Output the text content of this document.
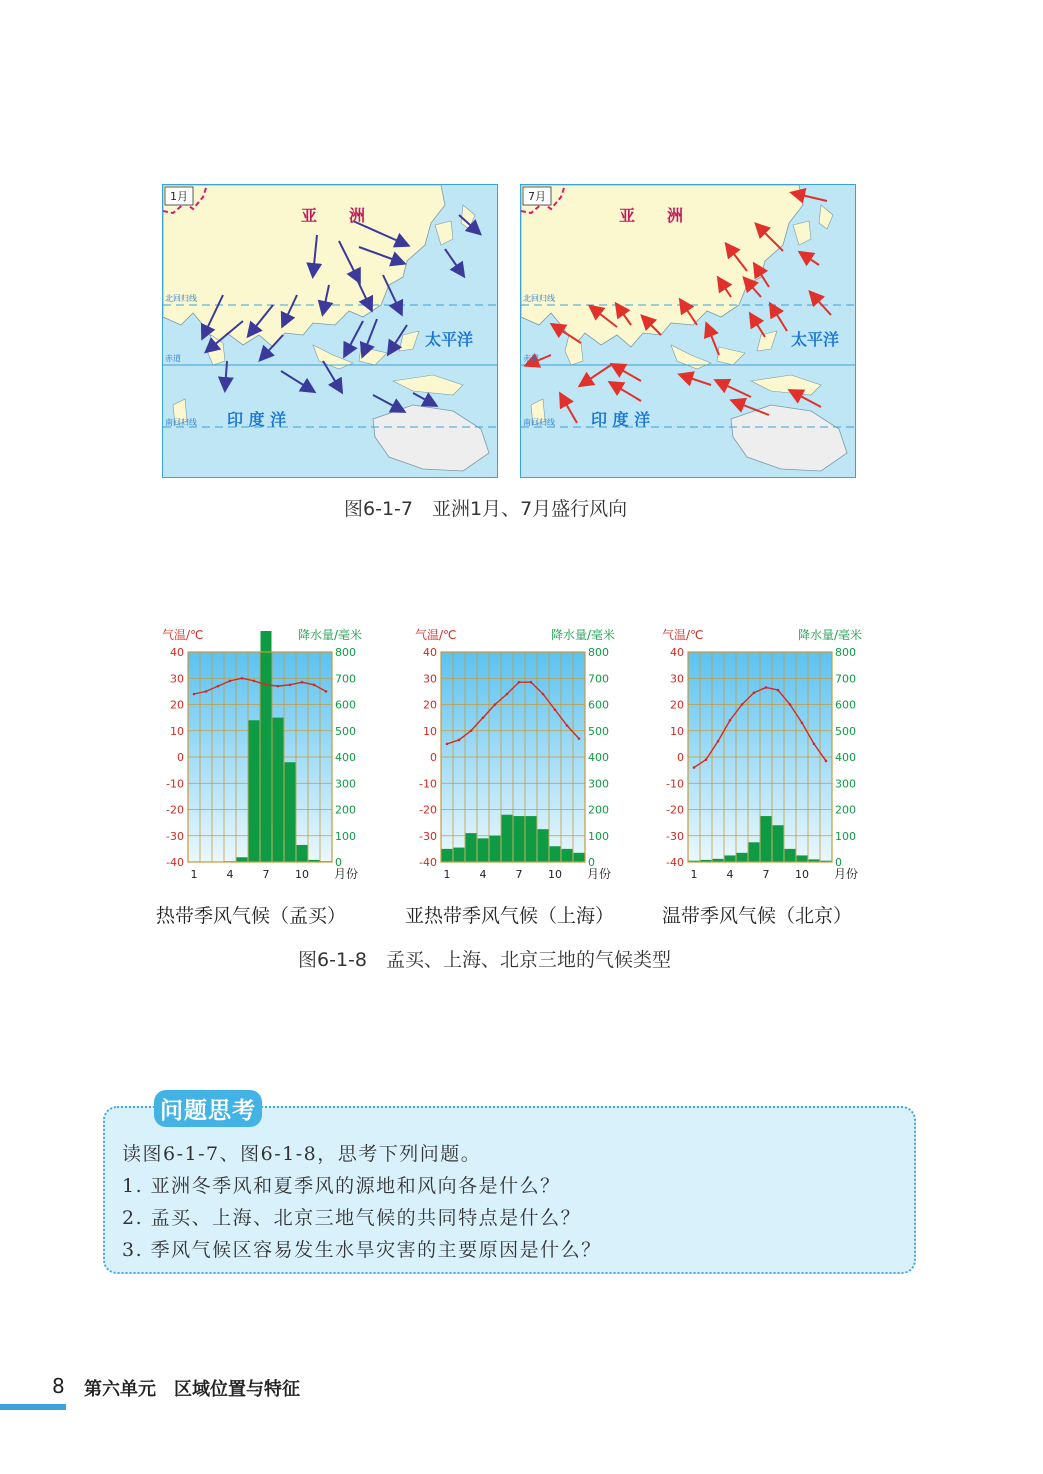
1月
亚　　洲
太平洋
印 度 洋
北回归线
赤道
南回归线
7月
亚　　洲
太平洋
印 度 洋
北回归线
赤道
南回归线
图6-1-7　亚洲1月、7月盛行风向
40
30
20
10
0
-10
-20
-30
-40
800
700
600
500
400
300
200
100
0
1	4	7 10 月份
气温/℃	降水量/毫米
40
30
20
10
0
-10
-20
-30
-40
800
700
600
500
400
300
200
100
0
1	4	7 10 月份
气温/℃	降水量/毫米
40
30
20
10
0
-10
-20
-30
-40
800
700
600
500
400
300
200
100
0
1	4	7 10 月份
气温/℃	降水量/毫米
热带季风气候（孟买）	亚热带季风气候（上海）	温带季风气候（北京）
图6-1-8　孟买、上海、北京三地的气候类型
问题思考
读图6-1-7、图6-1-8，思考下列问题。
1. 亚洲冬季风和夏季风的源地和风向各是什么？
2. 孟买、上海、北京三地气候的共同特点是什么？
3. 季风气候区容易发生水旱灾害的主要原因是什么？
8 第六单元　区域位置与特征
